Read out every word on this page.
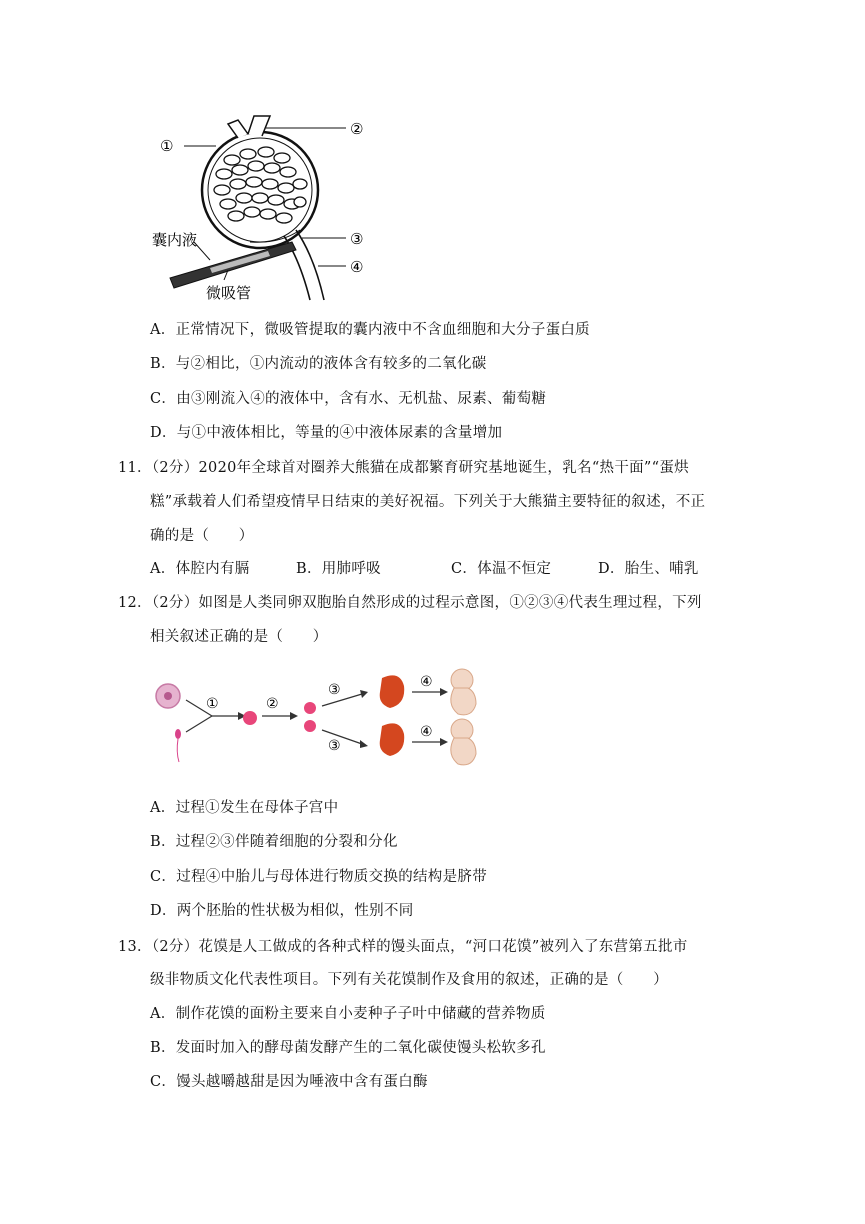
①
②
③
④
囊内液
微吸管
A．正常情况下，微吸管提取的囊内液中不含血细胞和大分子蛋白质
B．与②相比，①内流动的液体含有较多的二氧化碳
C．由③刚流入④的液体中，含有水、无机盐、尿素、葡萄糖
D．与①中液体相比，等量的④中液体尿素的含量增加
11．（2分）2020年全球首对圈养大熊猫在成都繁育研究基地诞生，乳名“热干面”“蛋烘
糕”承载着人们希望疫情早日结束的美好祝福。下列关于大熊猫主要特征的叙述，不正
确的是（　　）
A．体腔内有膈	B．用肺呼吸	C．体温不恒定	D．胎生、哺乳
12．（2分）如图是人类同卵双胞胎自然形成的过程示意图，①②③④代表生理过程，下列
相关叙述正确的是（　　）
①	②
③
③
④
④
A．过程①发生在母体子宫中
B．过程②③伴随着细胞的分裂和分化
C．过程④中胎儿与母体进行物质交换的结构是脐带
D．两个胚胎的性状极为相似，性别不同
13．（2分）花馍是人工做成的各种式样的馒头面点，“河口花馍”被列入了东营第五批市
级非物质文化代表性项目。下列有关花馍制作及食用的叙述，正确的是（　　）
A．制作花馍的面粉主要来自小麦种子子叶中储藏的营养物质
B．发面时加入的酵母菌发酵产生的二氧化碳使馒头松软多孔
C．馒头越嚼越甜是因为唾液中含有蛋白酶
